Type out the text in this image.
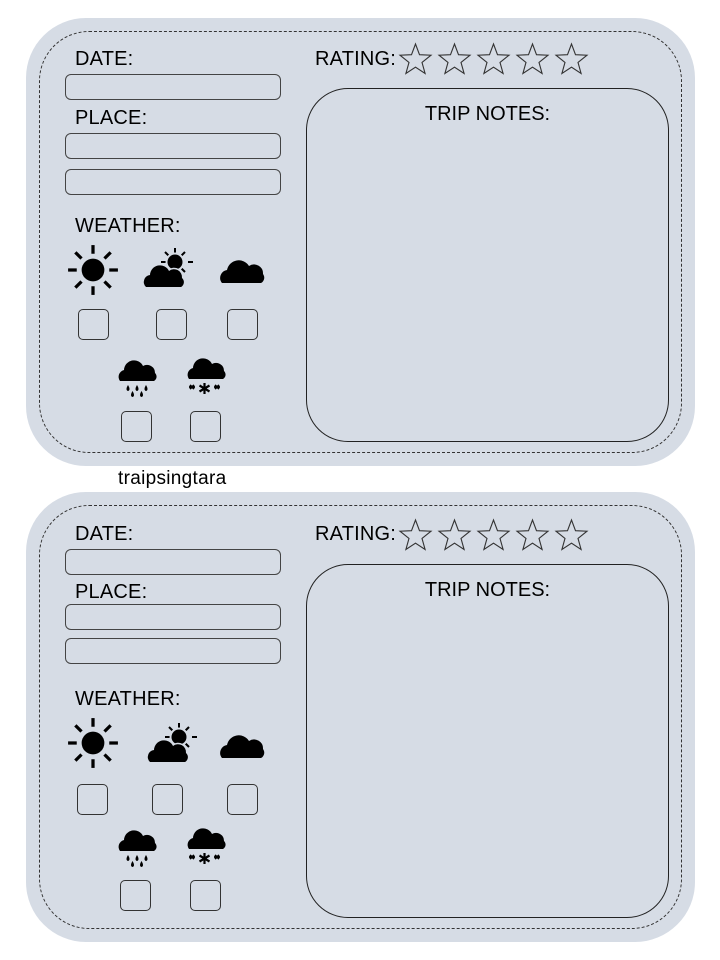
DATE:
PLACE:
WEATHER:
RATING:
TRIP NOTES:
traipsingtara
DATE:
PLACE:
WEATHER:
RATING:
TRIP NOTES:
